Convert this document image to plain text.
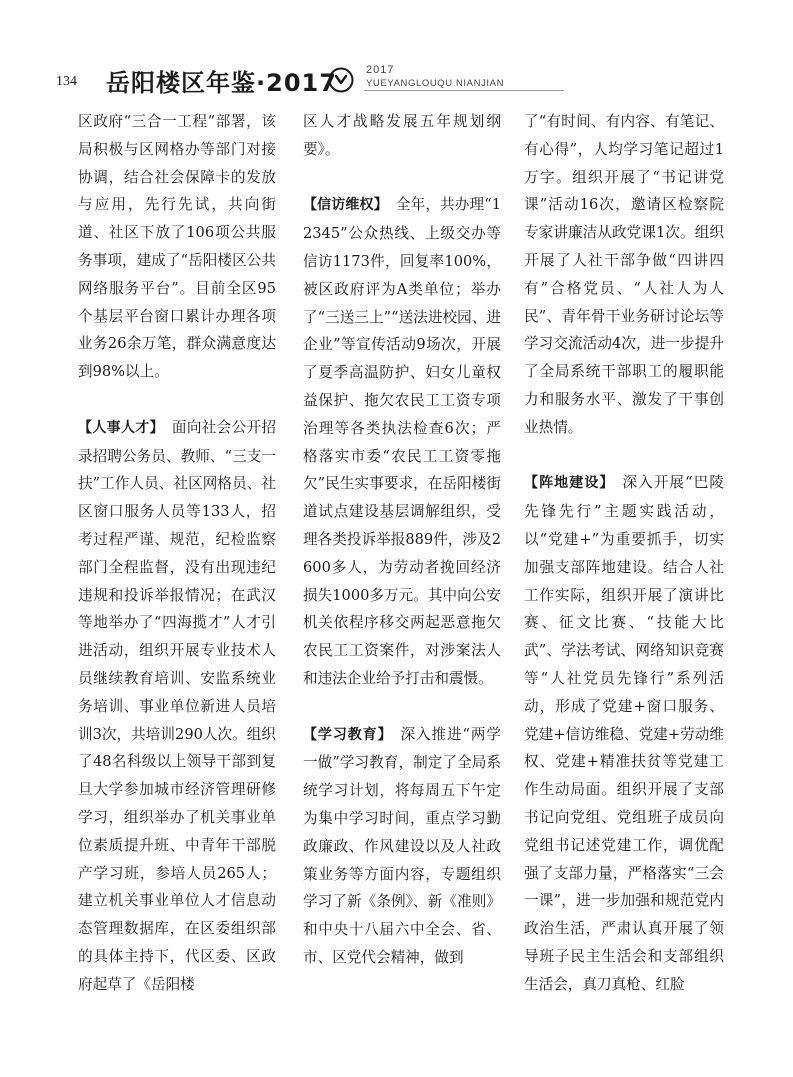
134 岳阳楼区年鉴·2017	2017
YUEYANGLOUQU NIANJIAN

区政府“三合一工程”部署，该局积极与区网格办等部门对接协调，结合社会保障卡的发放与应用，先行先试，共向街道、社区下放了106项公共服务事项，建成了“岳阳楼区公共网络服务平台”。目前全区95个基层平台窗口累计办理各项业务26余万笔，群众满意度达到98%以上。

【人事人才】 面向社会公开招录招聘公务员、教师、“三支一扶”工作人员、社区网格员、社区窗口服务人员等133人，招考过程严谨、规范，纪检监察部门全程监督，没有出现违纪违规和投诉举报情况；在武汉等地举办了“四海揽才”人才引进活动，组织开展专业技术人员继续教育培训、安监系统业务培训、事业单位新进人员培训3次，共培训290人次。组织了48名科级以上领导干部到复旦大学参加城市经济管理研修学习，组织举办了机关事业单位素质提升班、中青年干部脱产学习班，参培人员265人；建立机关事业单位人才信息动态管理数据库，在区委组织部的具体主持下，代区委、区政府起草了《岳阳楼

区人才战略发展五年规划纲要》。

【信访维权】 全年，共办理“12345”公众热线、上级交办等信访1173件，回复率100%，被区政府评为A类单位；举办了“三送三上”“送法进校园、进企业”等宣传活动9场次，开展了夏季高温防护、妇女儿童权益保护、拖欠农民工工资专项治理等各类执法检查6次；严格落实市委“农民工工资零拖欠”民生实事要求，在岳阳楼街道试点建设基层调解组织，受理各类投诉举报889件，涉及2600多人，为劳动者挽回经济损失1000多万元。其中向公安机关依程序移交两起恶意拖欠农民工工资案件，对涉案法人和违法企业给予打击和震慑。

【学习教育】 深入推进“两学一做”学习教育，制定了全局系统学习计划，将每周五下午定为集中学习时间，重点学习勤政廉政、作风建设以及人社政策业务等方面内容，专题组织学习了新《条例》、新《准则》和中央十八届六中全会、省、市、区党代会精神，做到

了“有时间、有内容、有笔记、有心得”，人均学习笔记超过1万字。组织开展了“书记讲党课”活动16次，邀请区检察院专家讲廉洁从政党课1次。组织开展了人社干部争做“四讲四有”合格党员、“人社人为人民”、青年骨干业务研讨论坛等学习交流活动4次，进一步提升了全局系统干部职工的履职能力和服务水平、激发了干事创业热情。

【阵地建设】 深入开展“巴陵先锋先行”主题实践活动，以“党建+”为重要抓手，切实加强支部阵地建设。结合人社工作实际，组织开展了演讲比赛、征文比赛、“技能大比武”、学法考试、网络知识竞赛等“人社党员先锋行”系列活动，形成了党建+窗口服务、党建+信访维稳、党建+劳动维权、党建+精准扶贫等党建工作生动局面。组织开展了支部书记向党组、党组班子成员向党组书记述党建工作，调优配强了支部力量，严格落实“三会一课”，进一步加强和规范党内政治生活，严肃认真开展了领导班子民主生活会和支部组织生活会，真刀真枪、红脸
